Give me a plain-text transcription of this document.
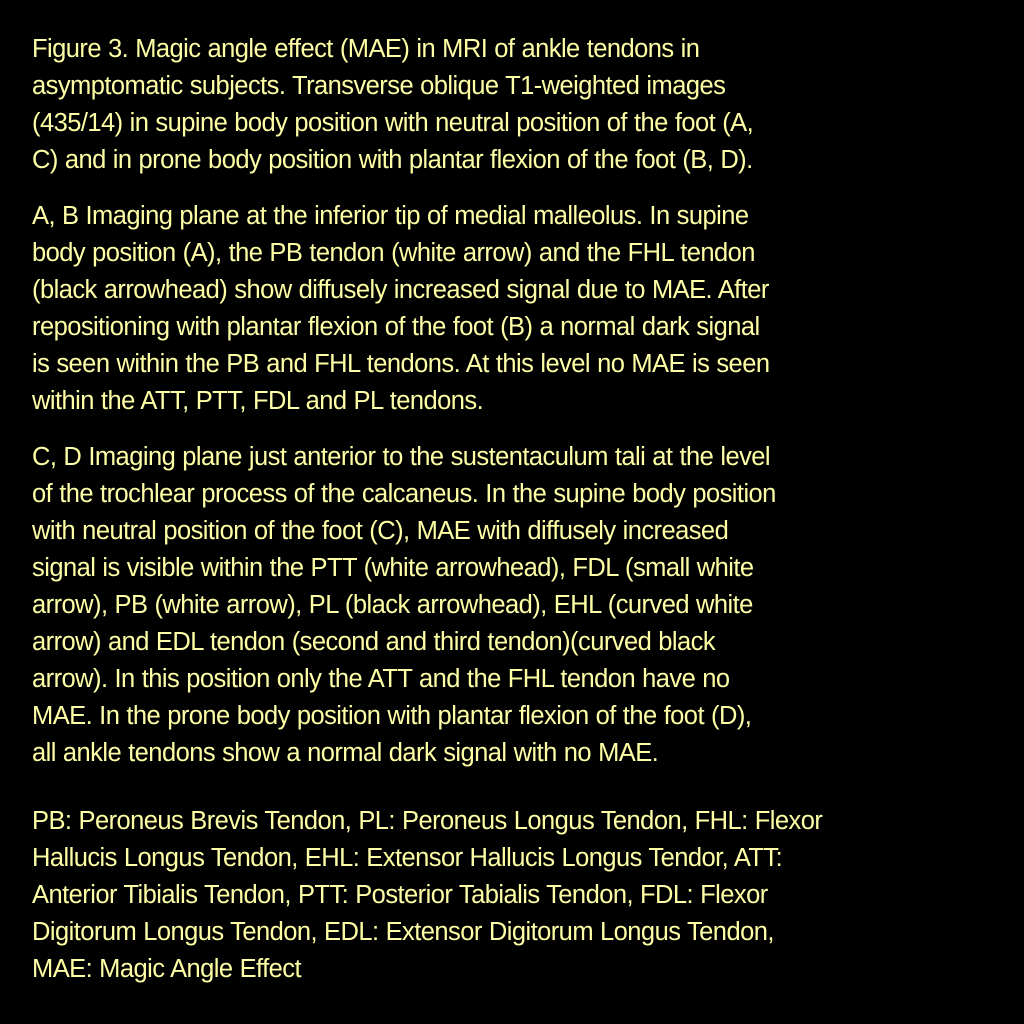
Figure 3. Magic angle effect (MAE) in MRI of ankle tendons in
asymptomatic subjects. Transverse oblique T1-weighted images
(435/14) in supine body position with neutral position of the foot (A,
C) and in prone body position with plantar flexion of the foot (B, D).

A, B Imaging plane at the inferior tip of medial malleolus. In supine
body position (A), the PB tendon (white arrow) and the FHL tendon
(black arrowhead) show diffusely increased signal due to MAE. After
repositioning with plantar flexion of the foot (B) a normal dark signal
is seen within the PB and FHL tendons. At this level no MAE is seen
within the ATT, PTT, FDL and PL tendons.

C, D Imaging plane just anterior to the sustentaculum tali at the level
of the trochlear process of the calcaneus. In the supine body position
with neutral position of the foot (C), MAE with diffusely increased
signal is visible within the PTT (white arrowhead), FDL (small white
arrow), PB (white arrow), PL (black arrowhead), EHL (curved white
arrow) and EDL tendon (second and third tendon)(curved black
arrow). In this position only the ATT and the FHL tendon have no
MAE. In the prone body position with plantar flexion of the foot (D),
all ankle tendons show a normal dark signal with no MAE.

PB: Peroneus Brevis Tendon, PL: Peroneus Longus Tendon, FHL: Flexor
Hallucis Longus Tendon, EHL: Extensor Hallucis Longus Tendor, ATT:
Anterior Tibialis Tendon, PTT: Posterior Tabialis Tendon, FDL: Flexor
Digitorum Longus Tendon, EDL: Extensor Digitorum Longus Tendon,
MAE: Magic Angle Effect
